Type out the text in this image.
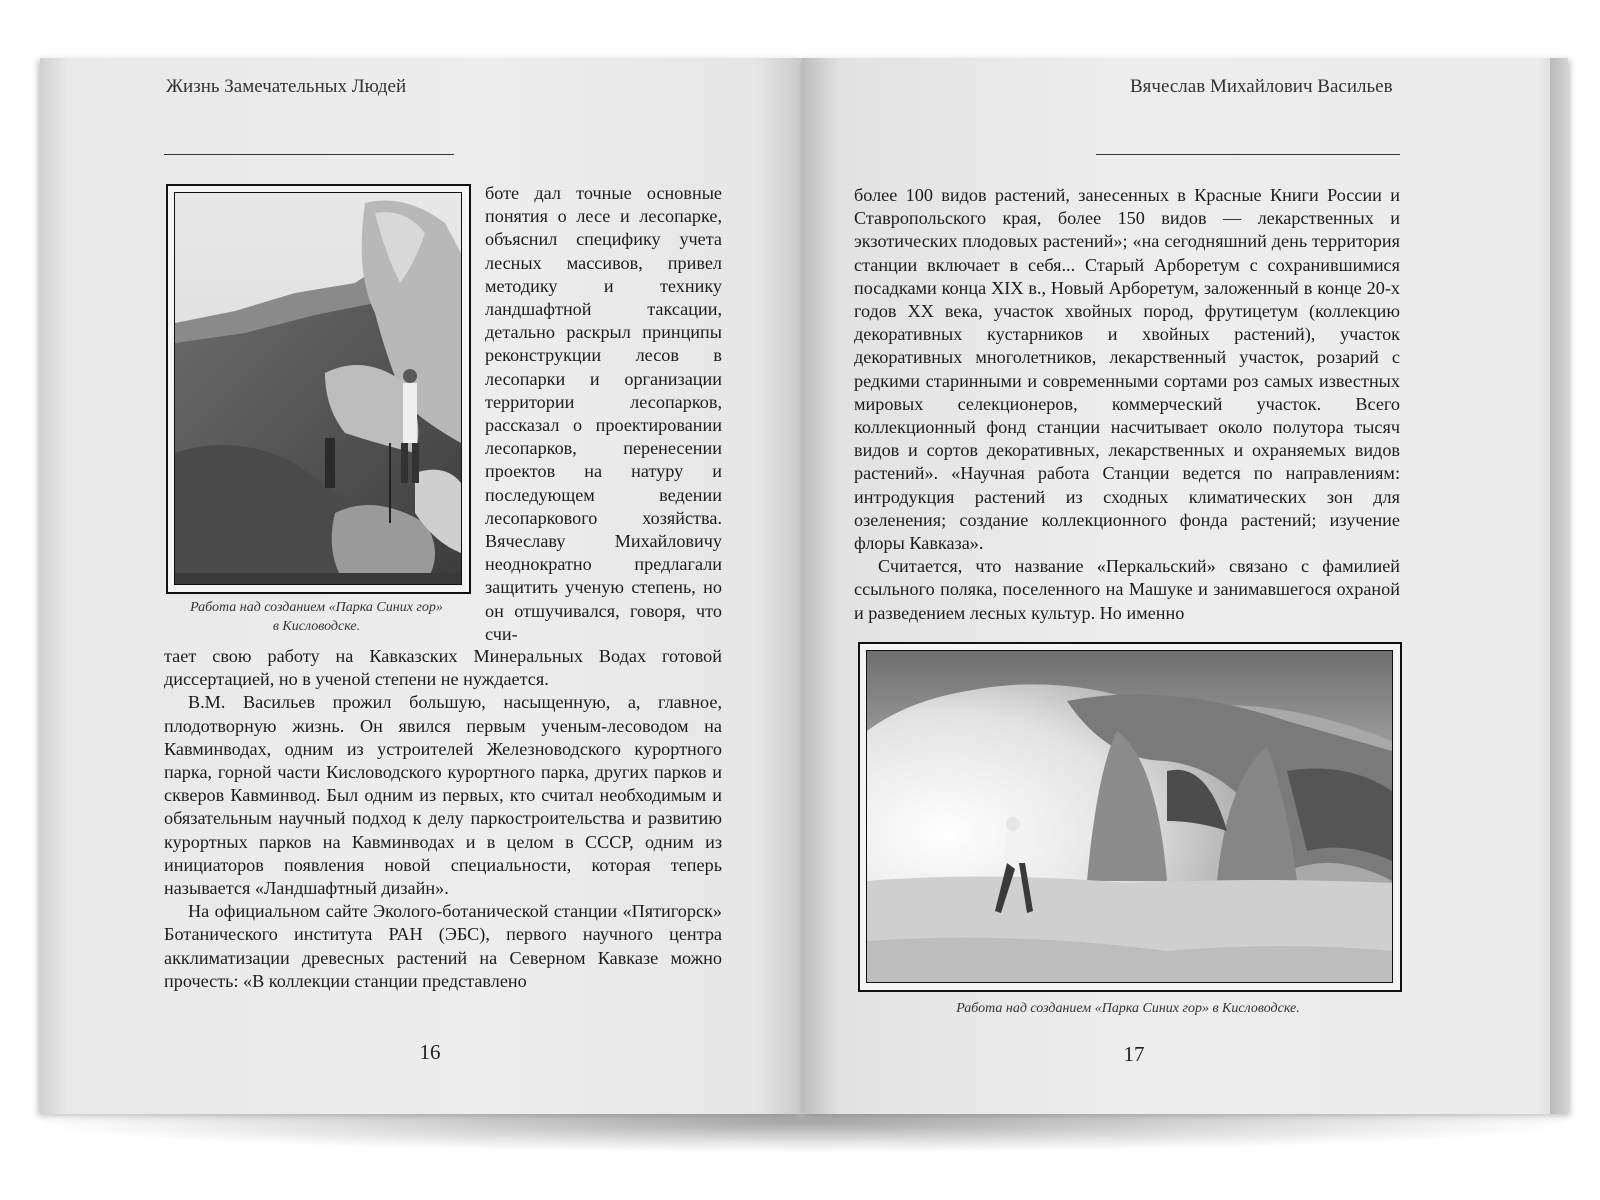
Жизнь Замечательных Людей
Работа над созданием «Парка Синих гор»
в Кисловодске.

боте дал точные основные понятия о лесе и лесопарке, объяснил специфику учета лесных массивов, привел методику и технику ландшафтной таксации, детально раскрыл принципы реконструкции лесов в лесопарки и организации территории лесопарков, рассказал о проектировании лесопарков, перенесении проектов на натуру и последующем ведении лесопаркового хозяйства. Вячеславу Михайловичу неоднократно предлагали защитить ученую степень, но он отшучивался, говоря, что счи-

тает свою работу на Кавказских Минеральных Водах готовой диссертацией, но в ученой степени не нуждается.

В.М. Васильев прожил большую, насыщенную, а, главное, плодотворную жизнь. Он явился первым ученым-лесоводом на Кавминводах, одним из устроителей Железноводского курортного парка, горной части Кисловодского курортного парка, других парков и скверов Кавминвод. Был одним из первых, кто считал необходимым и обязательным научный подход к делу паркостроительства и развитию курортных парков на Кавминводах и в целом в СССР, одним из инициаторов появления новой специальности, которая теперь называется «Ландшафтный дизайн».

На официальном сайте Эколого-ботанической станции «Пятигорск» Ботанического института РАН (ЭБС), первого научного центра акклиматизации древесных растений на Северном Кавказе можно прочесть: «В коллекции станции представлено

16
Вячеслав Михайлович Васильев

более 100 видов растений, занесенных в Красные Книги России и Ставропольского края, более 150 видов — лекарственных и экзотических плодовых растений»; «на сегодняшний день территория станции включает в себя... Старый Арборетум с сохранившимися посадками конца XIX в., Новый Арборетум, заложенный в конце 20-х годов XX века, участок хвойных пород, фрутицетум (коллекцию декоративных кустарников и хвойных растений), участок декоративных многолетников, лекарственный участок, розарий с редкими старинными и современными сортами роз самых известных мировых селекционеров, коммерческий участок. Всего коллекционный фонд станции насчитывает около полутора тысяч видов и сортов декоративных, лекарственных и охраняемых видов растений». «Научная работа Станции ведется по направлениям: интродукция растений из сходных климатических зон для озеленения; создание коллекционного фонда растений; изучение флоры Кавказа».

Считается, что название «Перкальский» связано с фамилией ссыльного поляка, поселенного на Машуке и занимавшегося охраной и разведением лесных культур. Но именно

Работа над созданием «Парка Синих гор» в Кисловодске.
17
